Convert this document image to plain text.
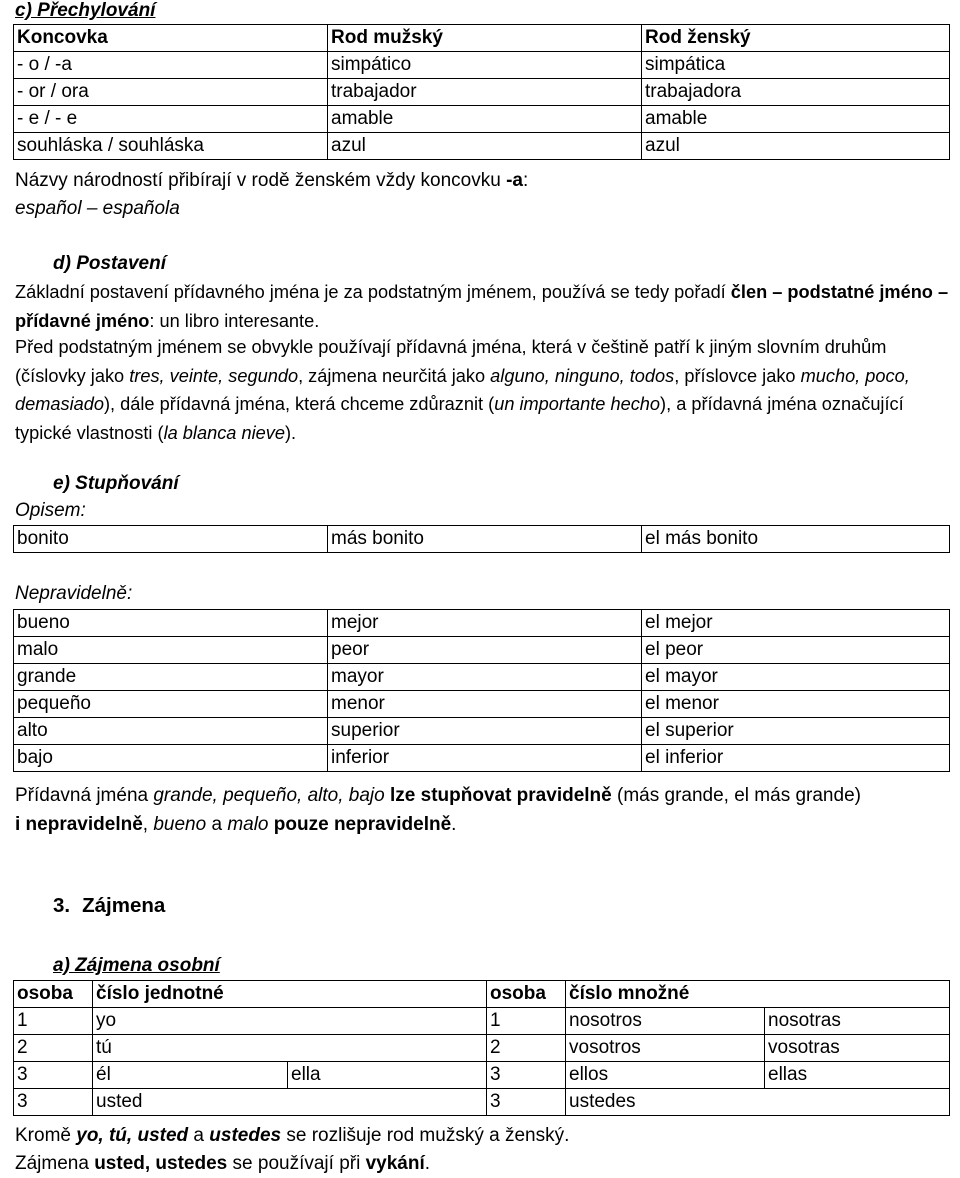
c) Přechylování
Koncovka	Rod mužský	Rod ženský
- o / -a	simpático	simpática
- or / ora	trabajador	trabajadora
- e / - e	amable	amable
souhláska / souhláska	azul	azul
Názvy národností přibírají v rodě ženském vždy koncovku -a:
español – española
d) Postavení
Základní postavení přídavného jména je za podstatným jménem, používá se tedy pořadí člen – podstatné jméno – přídavné jméno: un libro interesante.
Před podstatným jménem se obvykle používají přídavná jména, která v češtině patří k jiným slovním druhům (číslovky jako tres, veinte, segundo, zájmena neurčitá jako alguno, ninguno, todos, příslovce jako mucho, poco, demasiado), dále přídavná jména, která chceme zdůraznit (un importante hecho), a přídavná jména označující typické vlastnosti (la blanca nieve).
e) Stupňování
Opisem:
bonito	más bonito	el más bonito
Nepravidelně:
bueno	mejor	el mejor
malo	peor	el peor
grande	mayor	el mayor
pequeño	menor	el menor
alto	superior	el superior
bajo	inferior	el inferior
Přídavná jména grande, pequeño, alto, bajo lze stupňovat pravidelně (más grande, el más grande)
i nepravidelně, bueno a malo pouze nepravidelně.
3. Zájmena
a) Zájmena osobní
osoba	číslo jednotné		osoba	číslo množné	
1	yo		1	nosotros	nosotras
2	tú		2	vosotros	vosotras
3	él	ella	3	ellos	ellas
3	usted		3	ustedes	
Kromě yo, tú, usted a ustedes se rozlišuje rod mužský a ženský.
Zájmena usted, ustedes se používají při vykání.
